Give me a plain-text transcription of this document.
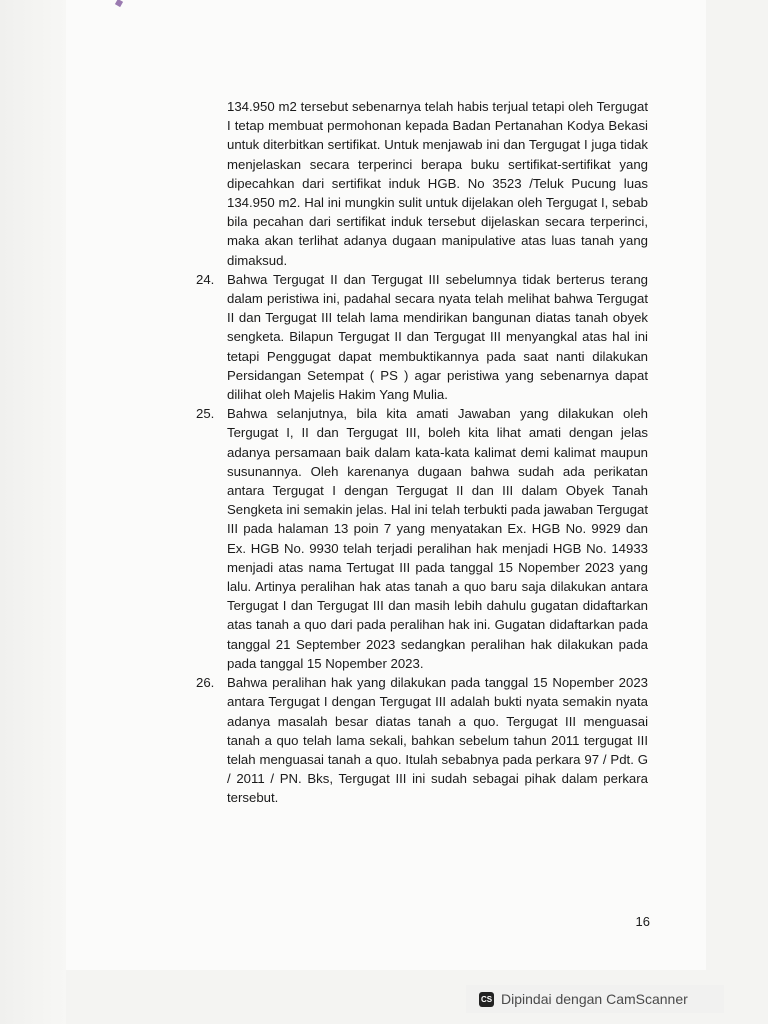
134.950 m2 tersebut sebenarnya telah habis terjual tetapi oleh Tergugat I tetap membuat permohonan kepada Badan Pertanahan Kodya Bekasi untuk diterbitkan sertifikat. Untuk menjawab ini dan Tergugat I juga tidak menjelaskan secara terperinci berapa buku sertifikat-sertifikat yang dipecahkan dari sertifikat induk HGB. No 3523 /Teluk Pucung luas 134.950 m2. Hal ini mungkin sulit untuk dijelakan oleh Tergugat I, sebab bila pecahan dari sertifikat induk tersebut dijelaskan secara terperinci, maka akan terlihat adanya dugaan manipulative atas luas tanah yang dimaksud.

24. Bahwa Tergugat II dan Tergugat III sebelumnya tidak berterus terang dalam peristiwa ini, padahal secara nyata telah melihat bahwa Tergugat II dan Tergugat III telah lama mendirikan bangunan diatas tanah obyek sengketa. Bilapun Tergugat II dan Tergugat III menyangkal atas hal ini tetapi Penggugat dapat membuktikannya pada saat nanti dilakukan Persidangan Setempat ( PS ) agar peristiwa yang sebenarnya dapat dilihat oleh Majelis Hakim Yang Mulia.
25. Bahwa selanjutnya, bila kita amati Jawaban yang dilakukan oleh Tergugat I, II dan Tergugat III, boleh kita lihat amati dengan jelas adanya persamaan baik dalam kata-kata kalimat demi kalimat maupun susunannya. Oleh karenanya dugaan bahwa sudah ada perikatan antara Tergugat I dengan Tergugat II dan III dalam Obyek Tanah Sengketa ini semakin jelas. Hal ini telah terbukti pada jawaban Tergugat III pada halaman 13 poin 7 yang menyatakan Ex. HGB No. 9929 dan Ex. HGB No. 9930 telah terjadi peralihan hak menjadi HGB No. 14933 menjadi atas nama Tertugat III pada tanggal 15 Nopember 2023 yang lalu. Artinya peralihan hak atas tanah a quo baru saja dilakukan antara Tergugat I dan Tergugat III dan masih lebih dahulu gugatan didaftarkan atas tanah a quo dari pada peralihan hak ini. Gugatan didaftarkan pada tanggal 21 September 2023 sedangkan peralihan hak dilakukan pada pada tanggal 15 Nopember 2023.
26. Bahwa peralihan hak yang dilakukan pada tanggal 15 Nopember 2023 antara Tergugat I dengan Tergugat III adalah bukti nyata semakin nyata adanya masalah besar diatas tanah a quo. Tergugat III menguasai tanah a quo telah lama sekali, bahkan sebelum tahun 2011 tergugat III telah menguasai tanah a quo. Itulah sebabnya pada perkara 97 / Pdt. G / 2011 / PN. Bks, Tergugat III ini sudah sebagai pihak dalam perkara tersebut.
16
CS Dipindai dengan CamScanner
